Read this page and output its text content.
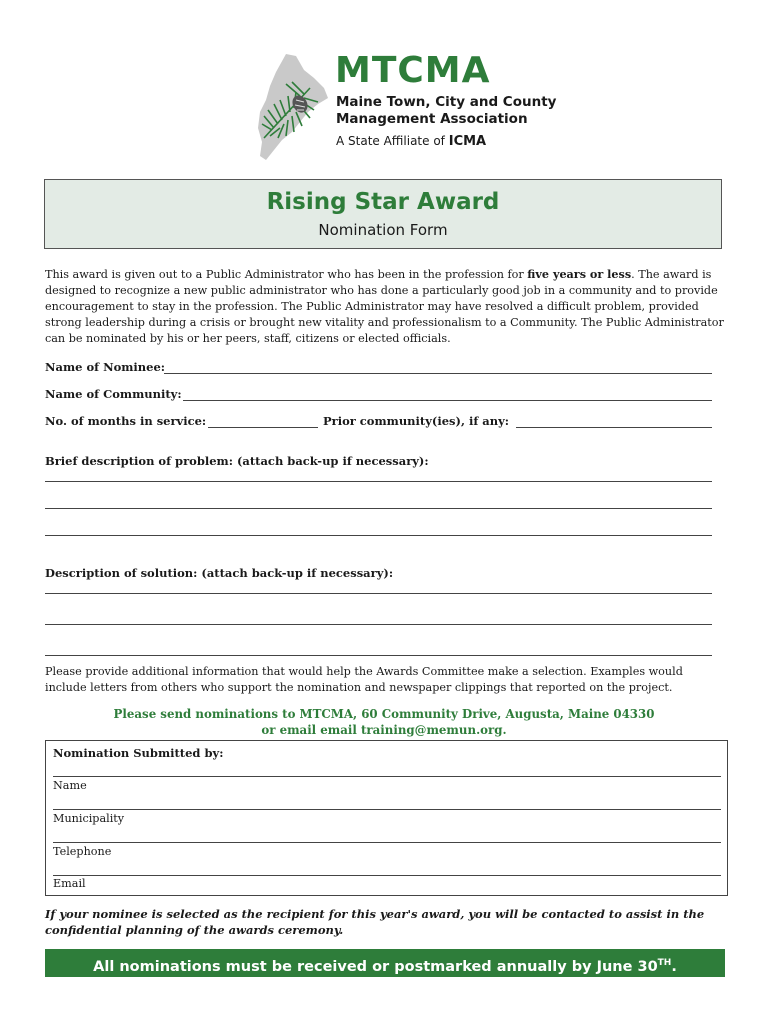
MTCMA
Maine Town, City and County
Management Association
A State Affiliate of ICMA
Rising Star Award
Nomination Form
This award is given out to a Public Administrator who has been in the profession for five years or less. The award is designed to recognize a new public administrator who has done a particularly good job in a community and to provide encouragement to stay in the profession. The Public Administrator may have resolved a difficult problem, provided strong leadership during a crisis or brought new vitality and professionalism to a Community. The Public Administrator can be nominated by his or her peers, staff, citizens or elected officials.
Name of Nominee:
Name of Community:
No. of months in service:	Prior community(ies), if any:
Brief description of problem: (attach back-up if necessary):
Description of solution: (attach back-up if necessary):
Please provide additional information that would help the Awards Committee make a selection. Examples would include letters from others who support the nomination and newspaper clippings that reported on the project.
Please send nominations to MTCMA, 60 Community Drive, Augusta, Maine 04330
or email email training@memun.org.
Nomination Submitted by:
Name
Municipality
Telephone
Email
If your nominee is selected as the recipient for this year's award, you will be contacted to assist in the confidential planning of the awards ceremony.
All nominations must be received or postmarked annually by June 30TH.
